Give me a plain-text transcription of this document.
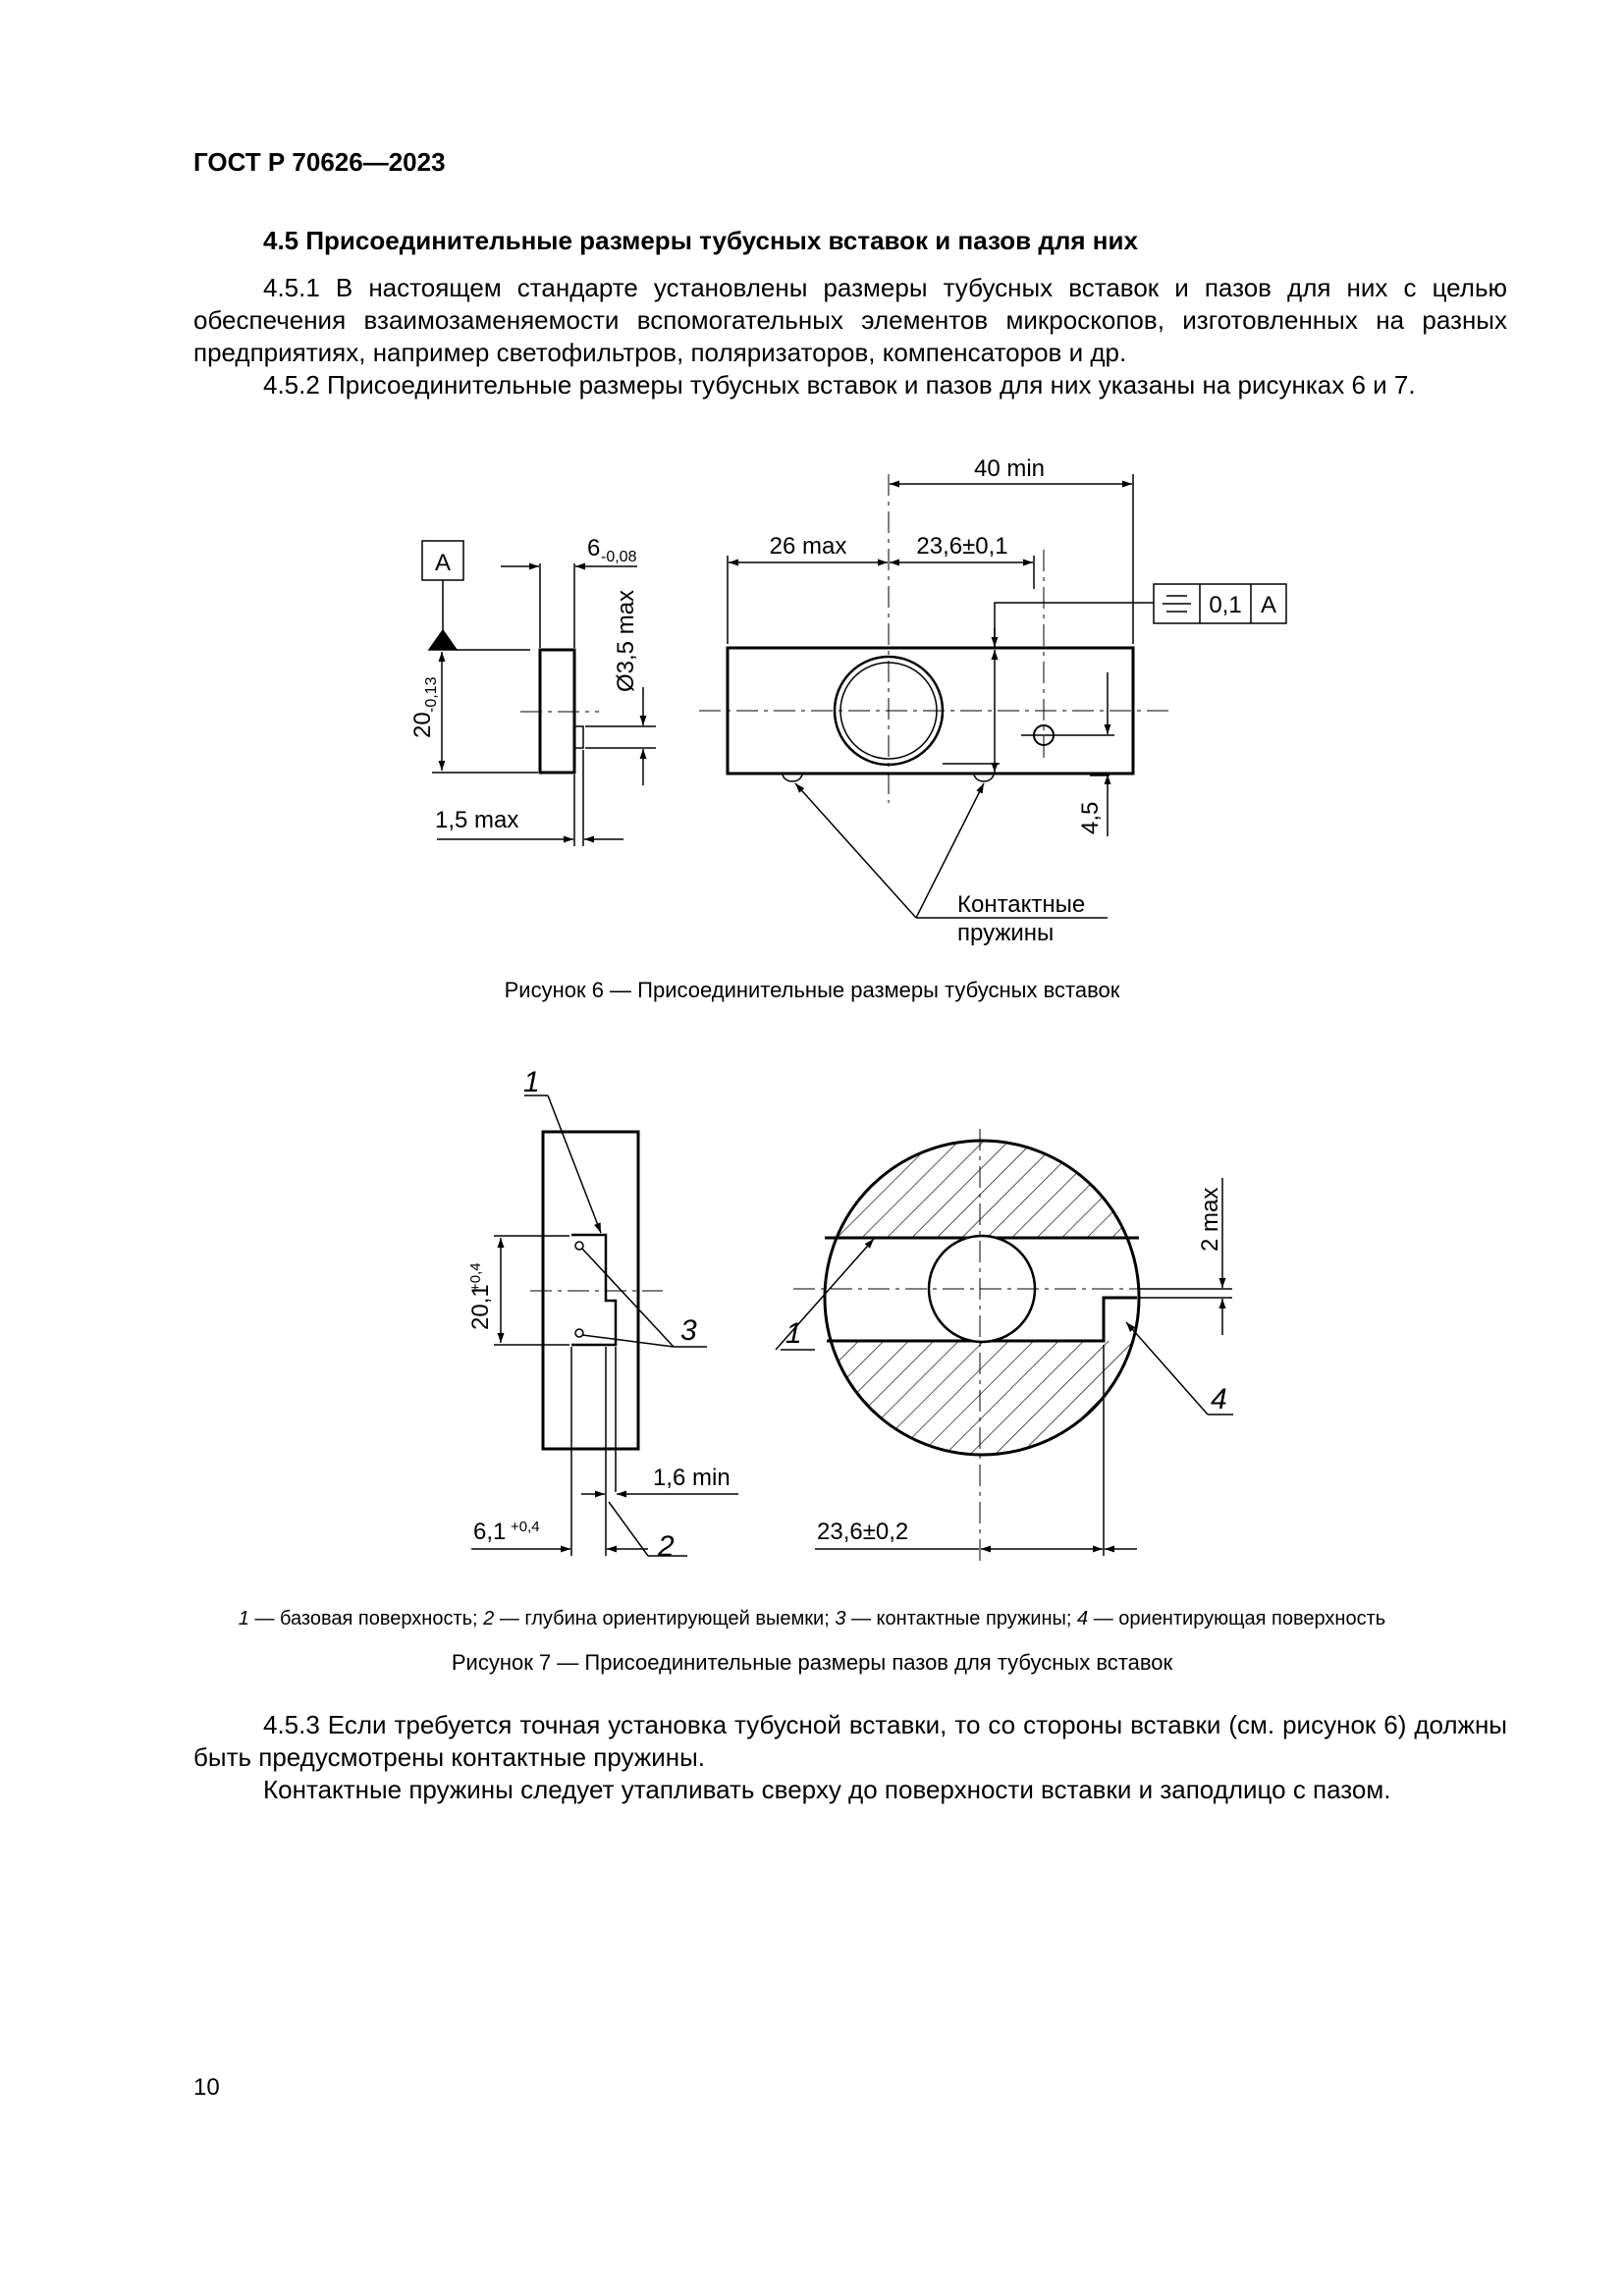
ГОСТ Р 70626—2023
4.5 Присоединительные размеры тубусных вставок и пазов для них

4.5.1 В настоящем стандарте установлены размеры тубусных вставок и пазов для них с целью обеспечения взаимозаменяемости вспомогательных элементов микроскопов, изготовленных на разных предприятиях, например светофильтров, поляризаторов, компенсаторов и др.

4.5.2 Присоединительные размеры тубусных вставок и пазов для них указаны на рисунках 6 и 7.

A
6 -0,08
20
-0,13
Ø3,5 max
1,5 max
40 min
26 max	23,6±0,1
4,5
0,1 A
Контактные
пружины
Рисунок 6 — Присоединительные размеры тубусных вставок
1
3
2
1
4
20,1
+0,4
6,1 +0,4
1,6 min
2 max
23,6±0,2
1 — базовая поверхность; 2 — глубина ориентирующей выемки; 3 — контактные пружины; 4 — ориентирующая поверхность
Рисунок 7 — Присоединительные размеры пазов для тубусных вставок

4.5.3 Если требуется точная установка тубусной вставки, то со стороны вставки (см. рисунок 6) должны быть предусмотрены контактные пружины.

Контактные пружины следует утапливать сверху до поверхности вставки и заподлицо с пазом.

10
